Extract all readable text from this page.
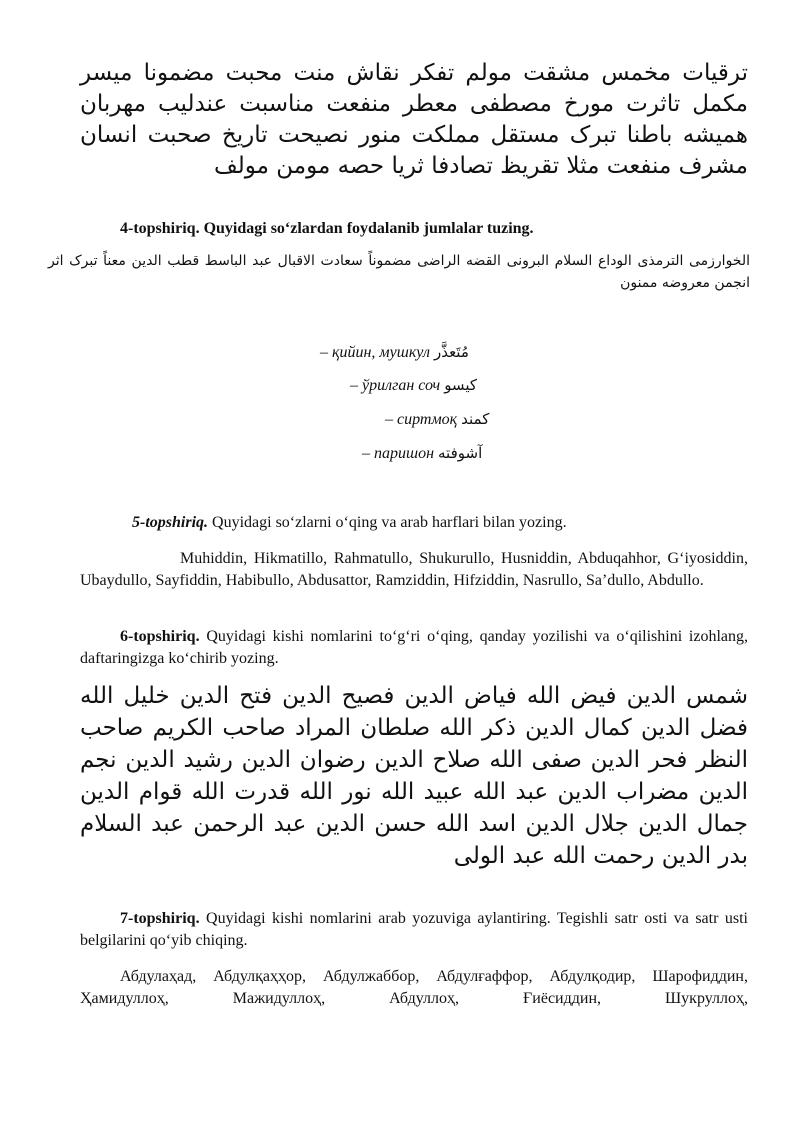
ترقیات مخمس مشقت مولم تفکر نقاش منت محبت مضمونا میسر مکمل تاثرت مورخ مصطفی معطر منفعت مناسبت عندلیب مهربان همیشه باطنا تبرک مستقل مملکت منور نصیحت تاریخ صحبت انسان مشرف منفعت مثلا تقریظ تصادفا ثریا حصه مومن مولف
4-topshiriq. Quyidagi so‘zlardan foydalanib jumlalar tuzing.
الخوارزمی الترمذی الوداع السلام البرونی القضه الراضی مضموناً سعادت الاقبال عبد الباسط قطب الدین معناً تبرک اثر انجمن معروضه ممنون
– қийин, мушкул مُتَعذَّر
– ўрилган соч کیسو
– сиртмоқ کمند
– паришон آشوفته
5-topshiriq. Quyidagi so‘zlarni o‘qing va arab harflari bilan yozing.
Muhiddin, Hikmatillo, Rahmatullo, Shukurullo, Husniddin, Abduqahhor, G‘iyosiddin, Ubaydullo, Sayfiddin, Habibullo, Abdusattor, Ramziddin, Hifziddin, Nasrullo, Sa’dullo, Abdullo.
6-topshiriq. Quyidagi kishi nomlarini to‘g‘ri o‘qing, qanday yozilishi va o‘qilishini izohlang, daftaringizga ko‘chirib yozing.
شمس الدین فیض الله فیاض الدین فصیح الدین فتح الدین خلیل الله فضل الدین کمال الدین ذکر الله صلطان المراد صاحب الکریم صاحب النظر فحر الدین صفی الله صلاح الدین رضوان الدین رشید الدین نجم الدین مضراب الدین عبد الله عبید الله نور الله قدرت الله قوام الدین جمال الدین جلال الدین اسد الله حسن الدین عبد الرحمن عبد السلام بدر الدین رحمت الله عبد الولی
7-topshiriq. Quyidagi kishi nomlarini arab yozuviga aylantiring. Tegishli satr osti va satr usti belgilarini qo‘yib chiqing.
Абдулаҳад, Абдулқаҳҳор, Абдулжаббор, Абдулғаффор, Абдулқодир, Шарофиддин, Ҳамидуллоҳ, Мажидуллоҳ, Абдуллоҳ, Ғиёсиддин, Шукруллоҳ,
